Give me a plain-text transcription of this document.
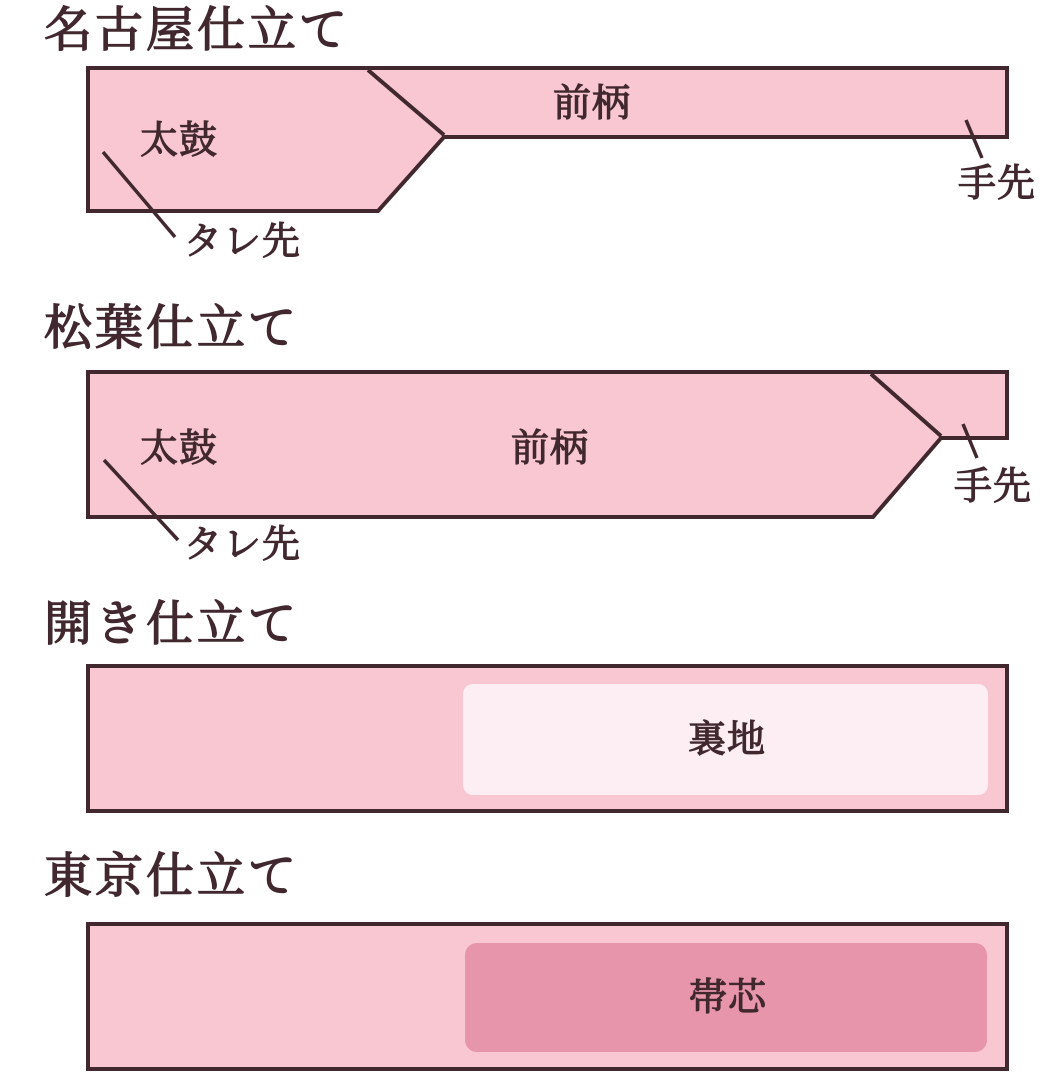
名古屋仕立て
松葉仕立て
開き仕立て
東京仕立て
太鼓
前柄
タレ先
手先
太鼓	前柄
タレ先
手先
裏地
帯芯
